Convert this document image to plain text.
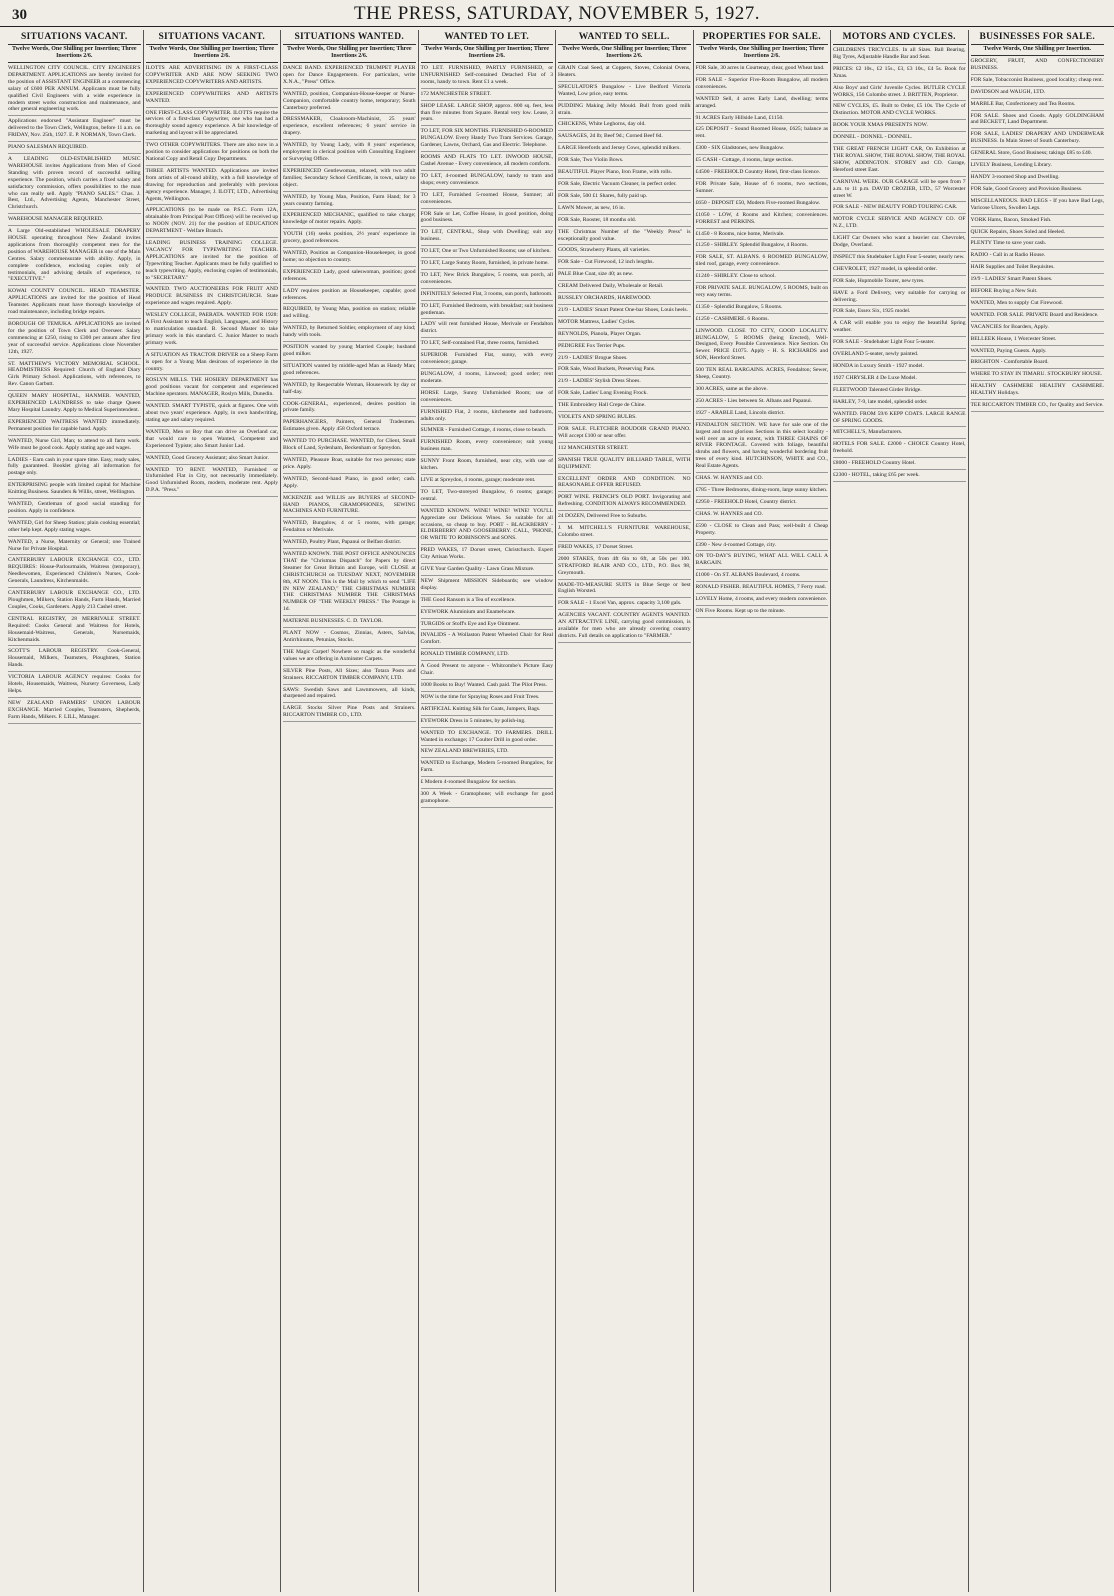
30	THE PRESS, SATURDAY, NOVEMBER 5, 1927.
SITUATIONS VACANT.
Twelve Words, One Shilling per Insertion; Three Insertions 2/6.
WELLINGTON CITY COUNCIL. CITY ENGINEER'S DEPARTMENT. APPLICATIONS are hereby invited for the position of ASSISTANT ENGINEER at a commencing salary of £600 PER ANNUM. Applicants must be fully qualified Civil Engineers with a wide experience in modern street works construction and maintenance, and other general engineering work.
Applications endorsed "Assistant Engineer" must be delivered to the Town Clerk, Wellington, before 11 a.m. on FRIDAY, Nov. 25th, 1927. E. P. NORMAN, Town Clerk.
PIANO SALESMAN REQUIRED.
A LEADING OLD-ESTABLISHED MUSIC WAREHOUSE invites Applications from Men of Good Standing with proven record of successful selling experience. The position, which carries a fixed salary and satisfactory commission, offers possibilities to the man who can really sell. Apply "PIANO SALES." Chas. J. Best, Ltd., Advertising Agents, Manchester Street, Christchurch.
WAREHOUSE MANAGER REQUIRED.
A Large Old-established WHOLESALE DRAPERY HOUSE operating throughout New Zealand invites applications from thoroughly competent men for the position of WAREHOUSE MANAGER in one of the Main Centres. Salary commensurate with ability. Apply, in complete confidence, enclosing copies only of testimonials, and advising details of experience, to "EXECUTIVE."
KOWAI COUNTY COUNCIL. HEAD TEAMSTER. APPLICATIONS are invited for the position of Head Teamster. Applicants must have thorough knowledge of road maintenance, including bridge repairs.
BOROUGH OF TEMUKA. APPLICATIONS are invited for the position of Town Clerk and Overseer. Salary commencing at £250, rising to £300 per annum after first year of successful service. Applications close November 12th, 1927.
ST. MATTHEW'S VICTORY MEMORIAL SCHOOL. HEADMISTRESS Required: Church of England Diary Girls Primary School. Applications, with references, to Rev. Canon Garbutt.
QUEEN MARY HOSPITAL, HANMER. WANTED, EXPERIENCED LAUNDRESS to take charge Queen Mary Hospital Laundry. Apply to Medical Superintendent.
EXPERIENCED WAITRESS WANTED immediately. Permanent position for capable hand. Apply.
WANTED, Nurse Girl, Man; to attend to all farm work. Wife must be good cook. Apply stating age and wages.
LADIES - Earn cash in your spare time. Easy, ready sales, fully guaranteed. Booklet giving all information for postage only.
ENTERPRISING people with limited capital for Machine Knitting Business. Saunders & Willis, street, Wellington.
WANTED, Gentleman of good social standing for position. Apply in confidence.
WANTED, Girl for Sheep Station; plain cooking essential; other help kept. Apply stating wages.
WANTED, a Nurse, Maternity or General; one Trained Nurse for Private Hospital.
CANTERBURY LABOUR EXCHANGE CO., LTD. REQUIRES: House-Parlourmaids, Waitress (temporary), Needlewomen, Experienced Children's Nurses, Cook-Generals, Laundress, Kitchenmaids.
CANTERBURY LABOUR EXCHANGE CO., LTD. Ploughmen, Milkers, Station Hands, Farm Hands, Married Couples, Cooks, Gardeners. Apply 213 Cashel street.
CENTRAL REGISTRY, 28 MERRIVALE STREET. Required: Cooks General and Waitress for Hotels, Housemaid-Waitress, Generals, Nursemaids, Kitchenmaids.
SCOTT'S LABOUR REGISTRY. Cook-General, Housemaid, Milkers, Teamsters, Ploughmen, Station Hands.
VICTORIA LABOUR AGENCY requires: Cooks for Hotels, Housemaids, Waitress, Nursery Governess, Lady Helps.
NEW ZEALAND FARMERS' UNION LABOUR EXCHANGE. Married Couples, Teamsters, Shepherds, Farm Hands, Milkers. F. LILL, Manager.
SITUATIONS VACANT.
Twelve Words, One Shilling per Insertion; Three Insertions 2/6.
ILOTTS ARE ADVERTISING IN A FIRST-CLASS COPYWRITER AND ARE NOW SEEKING TWO EXPERIENCED COPYWRITERS AND ARTISTS.
EXPERIENCED COPYWRITERS AND ARTISTS WANTED.
ONE FIRST-CLASS COPYWRITER. ILOTTS require the services of a first-class Copywriter, one who has had a thoroughly sound agency experience. A fair knowledge of marketing and layout will be appreciated.
TWO OTHER COPYWRITERS. There are also now in a position to consider applications for positions on both the National Copy and Retail Copy Departments.
THREE ARTISTS WANTED. Applications are invited from artists of all-round ability, with a full knowledge of drawing for reproduction and preferably with previous agency experience. Manager, J. ILOTT, LTD., Advertising Agents, Wellington.
APPLICATIONS (to be made on P.S.C. Form 12A, obtainable from Principal Post Offices) will be received up to NOON (NOV. 21) for the position of EDUCATION DEPARTMENT - Welfare Branch.
LEADING BUSINESS TRAINING COLLEGE. VACANCY FOR TYPEWRITING TEACHER. APPLICATIONS are invited for the position of Typewriting Teacher. Applicants must be fully qualified to teach typewriting. Apply, enclosing copies of testimonials, to "SECRETARY."
WANTED. TWO AUCTIONEERS FOR FRUIT AND PRODUCE BUSINESS IN CHRISTCHURCH. State experience and wages required. Apply.
WESLEY COLLEGE, PAERATA. WANTED FOR 1928: A First Assistant to teach English, Languages, and History to matriculation standard. B. Second Master to take primary work in this standard. C. Junior Master to teach primary work.
A SITUATION AS TRACTOR DRIVER on a Sheep Farm is open for a Young Man desirous of experience in the country.
ROSLYN MILLS. THE HOSIERY DEPARTMENT has good positions vacant for competent and experienced Machine operators. MANAGER, Roslyn Mills, Dunedin.
WANTED. SMART TYPISTE, quick at figures. One with about two years' experience. Apply, in own handwriting, stating age and salary required.
WANTED, Men or Boy that can drive an Overland car, that would care to open Wanted, Competent and Experienced Typiste; also Smart Junior Lad.
WANTED, Good Grocery Assistant; also Smart Junior.
WANTED TO RENT. WANTED, Furnished or Unfurnished Flat in City, not necessarily immediately. Good Unfurnished Room, modern, moderate rent. Apply D.P.A. "Press."
SITUATIONS WANTED.
Twelve Words, One Shilling per Insertion; Three Insertions 2/6.
DANCE BAND. EXPERIENCED TRUMPET PLAYER open for Dance Engagements. For particulars, write X.N.A., "Press" Office.
WANTED, position, Companion-House-keeper or Nurse-Companion, comfortable country home, temporary; South Canterbury preferred.
DRESSMAKER, Cloakroom-Machinist, 25 years' experience, excellent references; 6 years' service in drapery.
WANTED, by Young Lady, with 8 years' experience, employment in clerical position with Consulting Engineer or Surveying Office.
EXPERIENCED Gentlewoman, relaxed, with two adult families; Secondary School Certificate, in town, salary no object.
WANTED, by Young Man, Position, Farm Hand; for 3 years country farming.
EXPERIENCED MECHANIC, qualified to take charge; knowledge of motor repairs. Apply.
YOUTH (16) seeks position, 2½ years' experience in grocery, good references.
WANTED, Position as Companion-Housekeeper, in good home; no objection to country.
EXPERIENCED Lady, good saleswoman, position; good references.
LADY requires position as Housekeeper, capable; good references.
REQUIRED, by Young Man, position on station; reliable and willing.
WANTED, by Returned Soldier, employment of any kind; handy with tools.
POSITION wanted by young Married Couple; husband good milker.
SITUATION wanted by middle-aged Man as Handy Man; good references.
WANTED, by Respectable Woman, Housework by day or half-day.
COOK-GENERAL, experienced, desires position in private family.
PAPERHANGERS, Painters, General Tradesmen. Estimates given. Apply 458 Oxford terrace.
WANTED TO PURCHASE. WANTED, for Client, Small Block of Land, Sydenham, Beckenham or Spreydon.
WANTED, Pleasure Boat, suitable for two persons; state price. Apply.
WANTED, Second-hand Piano, in good order; cash. Apply.
MCKENZIE and WILLIS are BUYERS of SECOND-HAND PIANOS, GRAMOPHONES, SEWING MACHINES AND FURNITURE.
WANTED, Bungalow, 4 or 5 rooms, with garage; Fendalton or Merivale.
WANTED, Poultry Plant, Papanui or Belfast district.
WANTED KNOWN. THE POST OFFICE ANNOUNCES THAT the "Christmas Dispatch" for Papers by direct Steamer for Great Britain and Europe, will CLOSE at CHRISTCHURCH on TUESDAY NEXT, NOVEMBER 8th, AT NOON. This is the Mail by which to send "LIFE IN NEW ZEALAND," THE CHRISTMAS NUMBER THE CHRISTMAS NUMBER THE CHRISTMAS NUMBER OF "THE WEEKLY PRESS." The Postage is 1d.
MATERNE BUSINESSES. C. D. TAYLOR.
PLANT NOW - Cosmos, Zinnias, Asters, Salvias, Antirrhinums, Petunias, Stocks.
THE Magic Carpet! Nowhere so magic as the wonderful values we are offering in Axminster Carpets.
SILVER Pine Posts, All Sizes; also Totara Posts and Strainers. RICCARTON TIMBER COMPANY, LTD.
SAWS: Swedish Saws and Lawnmowers, all kinds, sharpened and repaired.
LARGE Stocks Silver Pine Posts and Strainers. RICCARTON TIMBER CO., LTD.
WANTED TO LET.
Twelve Words, One Shilling per Insertion; Three Insertions 2/6.
TO LET. FURNISHED, PARTLY FURNISHED, or UNFURNISHED Self-contained Detached Flat of 3 rooms, handy to town. Rent £1 a week.
172 MANCHESTER STREET.
SHOP LEASE. LARGE SHOP, approx. 800 sq. feet, less than five minutes from Square. Rental very low. Lease, 3 years.
TO LET, FOR SIX MONTHS. FURNISHED 6-ROOMED BUNGALOW. Every Handy Two Tram Services. Garage, Gardener, Lawns, Orchard, Gas and Electric. Telephone.
ROOMS AND FLATS TO LET. INWOOD HOUSE, Cashel Avenue - Every convenience, all modern comforts.
TO LET, 4-roomed BUNGALOW, handy to tram and shops; every convenience.
TO LET, Furnished 5-roomed House, Sumner; all conveniences.
FOR Sale or Let, Coffee House, in good position, doing good business.
TO LET, CENTRAL, Shop with Dwelling; suit any business.
TO LET, One or Two Unfurnished Rooms; use of kitchen.
TO LET, Large Sunny Room, furnished, in private home.
TO LET, New Brick Bungalow, 5 rooms, sun porch, all conveniences.
INFINITELY Selected Flat, 3 rooms, sun porch, bathroom.
TO LET, Furnished Bedroom, with breakfast; suit business gentleman.
LADY will rent furnished House, Merivale or Fendalton district.
TO LET, Self-contained Flat, three rooms, furnished.
SUPERIOR Furnished Flat, sunny, with every convenience; garage.
BUNGALOW, 4 rooms, Linwood; good order; rent moderate.
HORSE Large, Sunny Unfurnished Room; use of conveniences.
FURNISHED Flat, 2 rooms, kitchenette and bathroom, adults only.
SUMNER - Furnished Cottage, 4 rooms, close to beach.
FURNISHED Room, every convenience; suit young business man.
SUNNY Front Room, furnished, near city, with use of kitchen.
LIVE at Spreydon, 4 rooms, garage; moderate rent.
TO LET, Two-storeyed Bungalow, 6 rooms; garage; central.
WANTED KNOWN. WINE! WINE! WINE! YOU'LL Appreciate our Delicious Wines. So suitable for all occasions, so cheap to buy. PORT - BLACKBERRY - ELDERBERRY AND GOOSEBERRY. CALL, 'PHONE, OR WRITE TO ROBINSON'S and SONS.
PRED WAKES, 17 Dorset street, Christchurch. Expert City Artisan Works.
GIVE Your Garden Quality - Lawn Grass Mixture.
NEW Shipment MISSION Sideboards; see window display.
THE Good Ransom is a Tea of excellence.
EYEWORK Aluminium and Enamelware.
TURGIDS or Stoff's Eye and Eye Ointment.
INVALIDS - A Wollaston Patent Wheeled Chair for Real Comfort.
RONALD TIMBER COMPANY, LTD.
A Good Present to anyone - Whitcombe's Picture Easy Chair.
1000 Books to Buy! Wanted. Cash paid. The Pilot Press.
NOW is the time for Spraying Roses and Fruit Trees.
ARTIFICIAL Knitting Silk for Coats, Jumpers, Bags.
EYEWORK Dress in 5 minutes, by polish-ing.
WANTED TO EXCHANGE. TO FARMERS. DRILL Wanted in exchange; 17 Coulter Drill in good order.
NEW ZEALAND BREWERIES, LTD.
WANTED to Exchange, Modern 5-roomed Bungalow, for Farm.
£ Modern 4-roomed Bungalow for section.
300 A Week - Gramophone; will exchange for good gramophone.
WANTED TO SELL.
Twelve Words, One Shilling per Insertion; Three Insertions 2/6.
GRAIN Coal Seed, at Coppers, Stoves, Colonial Ovens, Heaters.
SPECULATOR'S Bungalow - Live Bedford Victoria Wanted, Low price, easy terms.
PUDDING Making Jelly Mould. Bull from good milk strain.
CHICKENS, White Leghorns, day old.
SAUSAGES, 2d lb; Beef 9d.; Corned Beef 6d.
LARGE Herefords and Jersey Cows, splendid milkers.
FOR Sale, Two Violin Bows.
BEAUTIFUL Player Piano, Iron Frame, with rolls.
FOR Sale, Electric Vacuum Cleaner, in perfect order.
FOR Sale, 500 £1 Shares, fully paid up.
LAWN Mower, as new, 16 in.
FOR Sale, Rooster, 18 months old.
THE Christmas Number of the "Weekly Press" is exceptionally good value.
GOODS, Strawberry Plants, all varieties.
FOR Sale - Cut Firewood, 12 inch lengths.
PALE Blue Coat, size 40; as new.
CREAM Delivered Daily, Wholesale or Retail.
RUSSLEY ORCHARDS, HAREWOOD.
21/9 - LADIES' Smart Patent One-bar Shoes, Louis heels.
MOTOR Mattress, Ladies' Cycles.
REYNOLDS, Pianola, Player Organ.
PEDIGREE Fox Terrier Pups.
21/9 - LADIES' Brogue Shoes.
FOR Sale, Wood Buckets, Preserving Pans.
21/9 - LADIES' Stylish Dress Shoes.
FOR Sale, Ladies' Long Evening Frock.
THE Embroidery Hall Crepe de Chine.
VIOLETS AND SPRING BULBS.
FOR SALE. FLETCHER BOUDOIR GRAND PIANO. Will accept £100 or near offer.
112 MANCHESTER STREET.
SPANISH TRUE QUALITY BILLIARD TABLE, WITH EQUIPMENT.
EXCELLENT ORDER AND CONDITION. NO REASONABLE OFFER REFUSED.
PORT WINE. FRENCH'S OLD PORT. Invigorating and Refreshing. CONDITION ALWAYS RECOMMENDED.
24 DOZEN, Delivered Free to Suburbs.
J. M. MITCHELL'S FURNITURE WAREHOUSE, Colombo street.
FRED WAKES, 17 Dorset Street.
2000 STAKES, from 4ft 6in to 6ft, at 50s per 100. STRATFORD BLAIR AND CO., LTD., P.O. Box 98, Greymouth.
MADE-TO-MEASURE SUITS in Blue Serge or best English Worsted.
FOR SALE - 1 Excel Van, approx. capacity 3,100 gals.
AGENCIES VACANT. COUNTRY AGENTS WANTED. AN ATTRACTIVE LINE, carrying good commission, is available for men who are already covering country districts. Full details on application to "FARMER."
PROPERTIES FOR SALE.
Twelve Words, One Shilling per Insertion; Three Insertions 2/6.
FOR Sale, 30 acres in Courtenay, clear, good Wheat land.
FOR SALE - Superior Five-Room Bungalow, all modern conveniences.
WANTED Sell, 4 acres Early Land, dwelling; terms arranged.
91 ACRES Early Hillside Land, £1150.
£25 DEPOSIT - Sound Roomed House, £625; balance as rent.
£300 - SIX Gladstones, new Bungalow.
£5 CASH - Cottage, 4 rooms, large section.
£4500 - FREEHOLD Country Hotel, first-class licence.
FOR Private Sale, House of 6 rooms, two sections, Sumner.
£650 - DEPOSIT £50, Modern Five-roomed Bungalow.
£1050 - LOW, 4 Rooms and Kitchen; conveniences. FORREST and PERKINS.
£1450 - 8 Rooms, nice home, Merivale.
£1250 - SHIRLEY. Splendid Bungalow, 4 Rooms.
FOR SALE, ST. ALBANS. 6 ROOMED BUNGALOW, tiled roof, garage, every convenience.
£1240 - SHIRLEY. Close to school.
FOR PRIVATE SALE. BUNGALOW, 5 ROOMS, built on very easy terms.
£1350 - Splendid Bungalow, 5 Rooms.
£1250 - CASHMERE. 6 Rooms.
LINWOOD. CLOSE TO CITY, GOOD LOCALITY. BUNGALOW, 5 ROOMS (being Erected), Well-Designed, Every Possible Convenience. Nice Section. On Sewer. PRICE £1075. Apply - H. S. RICHARDS and SON, Hereford Street.
500 TEN REAL BARGAINS. ACRES, Fendalton; Sewer, Sheep, Country.
300 ACRES, same as the above.
250 ACRES - Lies between St. Albans and Papanui.
1927 - ARABLE Land, Lincoln district.
FENDALTON SECTION. WE have for sale one of the largest and most glorious Sections in this select locality - well over an acre in extent, with THREE CHAINS OF RIVER FRONTAGE. Covered with foliage, beautiful shrubs and flowers, and having wonderful bordering fruit trees of every kind. HUTCHINSON, WHITE and CO., Real Estate Agents.
CHAS. W. HAYNES and CO.
£785 - Three Bedrooms, dining-room, large sunny kitchen.
£2950 - FREEHOLD Hotel, Country district.
CHAS. W. HAYNES and CO.
£590 - CLOSE to Clean and Pass; well-built 4 Cheap Property.
£390 - New 4-roomed Cottage, city.
ON TO-DAY'S BUYING, WHAT ALL WILL CALL A BARGAIN.
£1000 - On ST. ALBANS Boulevard, 4 rooms.
RONALD FISHER. BEAUTIFUL HOMES, 7 Ferry road.
LOVELY Home, 4 rooms, and every modern convenience.
ON Five Rooms. Kept up to the minute.
MOTORS AND CYCLES.
CHILDREN'S TRICYCLES. In all Sizes. Ball Bearing, Big Tyres, Adjustable Handle Bar and Seat.
PRICES: £2 10s., £2 15s., £3, £3 10s., £4 5s. Book for Xmas.
Also Boys' and Girls' Juvenile Cycles. BUTLER CYCLE WORKS, 156 Colombo street. J. BRITTEN, Proprietor.
NEW CYCLES, £5. Built to Order, £5 10s. The Cycle of Distinction. MOTOR AND CYCLE WORKS.
BOOK YOUR XMAS PRESENTS NOW.
DONNEL - DONNEL - DONNEL.
THE GREAT FRENCH LIGHT CAR, On Exhibition at THE ROYAL SHOW, THE ROYAL SHOW, THE ROYAL SHOW, ADDINGTON. STOREY and CO. Garage, Hereford street East.
CARNIVAL WEEK. OUR GARAGE will be open from 7 a.m. to 11 p.m. DAVID CROZIER, LTD., 57 Worcester street W.
FOR SALE - NEW BEAUTY FORD TOURING CAR.
MOTOR CYCLE SERVICE AND AGENCY CO. OF N.Z., LTD.
LIGHT Car Owners who want a heavier car. Chevrolet, Dodge, Overland.
INSPECT this Studebaker Light Four 5-seater, nearly new.
CHEVROLET, 1927 model, in splendid order.
FOR Sale, Hupmobile Tourer, new tyres.
HAVE a Ford Delivery, very suitable for carrying or delivering.
FOR Sale, Essex Six, 1925 model.
A CAR will enable you to enjoy the beautiful Spring weather.
FOR SALE - Studebaker Light Four 5-seater.
OVERLAND 5-seater, newly painted.
HONDA in Luxury Smith - 1927 model.
1927 CHRYSLER 4 De Luxe Model.
FLEETWOOD Talented Girder Bridge.
HARLEY, 7-9, late model, splendid order.
WANTED. FROM 59/6 KEPP COATS. LARGE RANGE OF SPRING GOODS.
MITCHELL'S, Manufacturers.
HOTELS FOR SALE. £2000 - CHOICE Country Hotel, freehold.
£8000 - FREEHOLD Country Hotel.
£2300 - HOTEL, taking £65 per week.
BUSINESSES FOR SALE.
Twelve Words, One Shilling per Insertion.
GROCERY, FRUIT, AND CONFECTIONERY BUSINESS.
FOR Sale, Tobacconist Business, good locality; cheap rent.
DAVIDSON and WAUGH, LTD.
MARBLE Bar, Confectionery and Tea Rooms.
FOR SALE. Shoes and Goods. Apply GOLDINGHAM and BECKETT, Land Department.
FOR SALE, LADIES' DRAPERY AND UNDERWEAR BUSINESS. In Main Street of South Canterbury.
GENERAL Store, Good Business; takings £85 to £40.
LIVELY Business, Lending Library.
HANDY 3-roomed Shop and Dwelling.
FOR Sale, Good Grocery and Provision Business.
MISCELLANEOUS. BAD LEGS - If you have Bad Legs, Varicose Ulcers, Swollen Legs.
YORK Hams, Bacon, Smoked Fish.
QUICK Repairs, Shoes Soled and Heeled.
PLENTY Time to save your cash.
RADIO - Call in at Radio House.
HAIR Supplies and Toilet Requisites.
19/9 - LADIES' Smart Patent Shoes.
BEFORE Buying a New Suit.
WANTED, Men to supply Cut Firewood.
WANTED. FOR SALE. PRIVATE Board and Residence.
VACANCIES for Boarders, Apply.
BELLEEK House, 1 Worcester Street.
WANTED, Paying Guests. Apply.
BRIGHTON - Comfortable Board.
WHERE TO STAY IN TIMARU. STOCKBURY HOUSE.
HEALTHY CASHMERE HEALTHY CASHMERE. HEALTHY Holidays.
TEE RICCARTON TIMBER CO., for Quality and Service.
